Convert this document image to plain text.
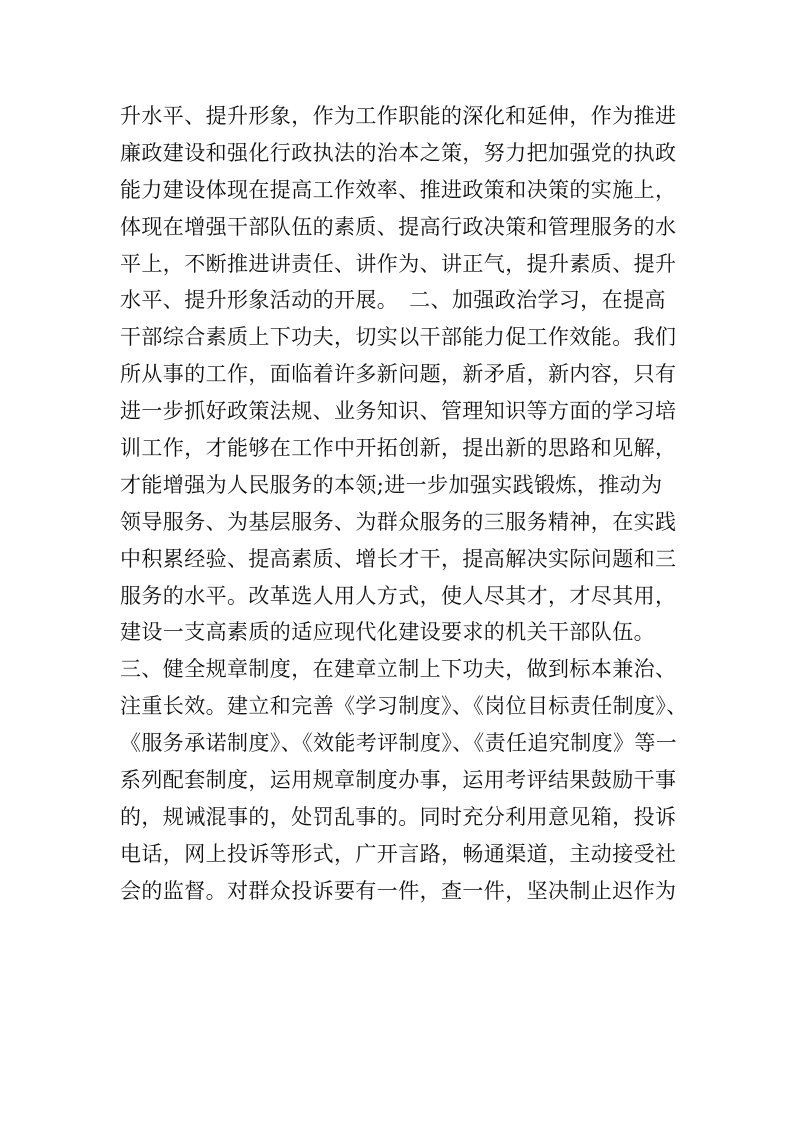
升水平、提升形象，作为工作职能的深化和延伸，作为推进
廉政建设和强化行政执法的治本之策，努力把加强党的执政
能力建设体现在提高工作效率、推进政策和决策的实施上，
体现在增强干部队伍的素质、提高行政决策和管理服务的水
平上，不断推进讲责任、讲作为、讲正气，提升素质、提升
水平、提升形象活动的开展。　二、加强政治学习，在提高
干部综合素质上下功夫，切实以干部能力促工作效能。我们
所从事的工作，面临着许多新问题，新矛盾，新内容，只有
进一步抓好政策法规、业务知识、管理知识等方面的学习培
训工作，才能够在工作中开拓创新，提出新的思路和见解，
才能增强为人民服务的本领;进一步加强实践锻炼，推动为
领导服务、为基层服务、为群众服务的三服务精神，在实践
中积累经验、提高素质、增长才干，提高解决实际问题和三
服务的水平。改革选人用人方式，使人尽其才，才尽其用，
建设一支高素质的适应现代化建设要求的机关干部队伍。
三、健全规章制度，在建章立制上下功夫，做到标本兼治、
注重长效。建立和完善《学习制度》、《岗位目标责任制度》、
《服务承诺制度》、《效能考评制度》、《责任追究制度》等一
系列配套制度，运用规章制度办事，运用考评结果鼓励干事
的，规诫混事的，处罚乱事的。同时充分利用意见箱，投诉
电话，网上投诉等形式，广开言路，畅通渠道，主动接受社
会的监督。对群众投诉要有一件，查一件，坚决制止迟作为
